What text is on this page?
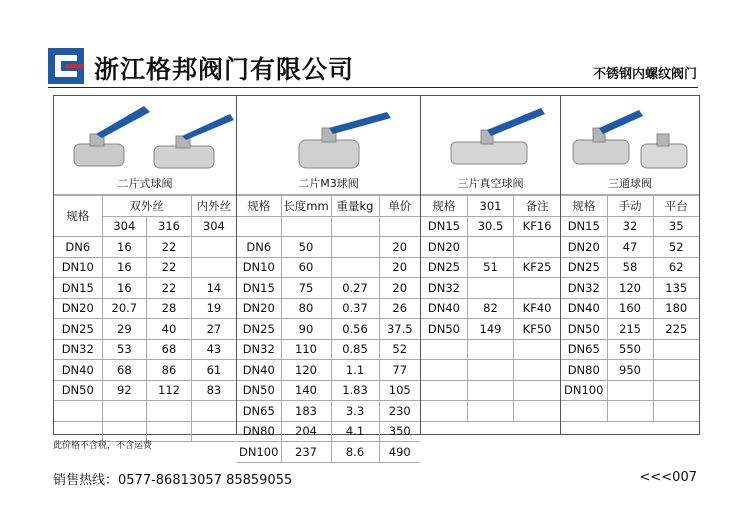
浙江格邦阀门有限公司	不锈钢内螺纹阀门
二片式球阀
规格	双外丝		内外丝
	304	316	304
DN6	16	22	
DN10	16	22	
DN15	16	22	14
DN20	20.7	28	19
DN25	29	40	27
DN32	53	68	43
DN40	68	86	61
DN50	92	112	83

二片M3球阀
规格	长度mm	重量kg	单价

DN6	50		20
DN10	60		20
DN15	75	0.27	20
DN20	80	0.37	26
DN25	90	0.56	37.5
DN32	110	0.85	52
DN40	120	1.1	77
DN50	140	1.83	105
DN65	183	3.3	230
DN80	204	4.1	350
DN100	237	8.6	490
三片真空球阀
规格	301	备注
DN15	30.5	KF16
DN20		
DN25	51	KF25
DN32		
DN40	82	KF40
DN50	149	KF50

三通球阀
规格	手动	平台
DN15	32	35
DN20	47	52
DN25	58	62
DN32	120	135
DN40	160	180
DN50	215	225
DN65	550	
DN80	950	
DN100		

此价格不含税，不含运费
销售热线：0577-86813057 85859055	<<<007
